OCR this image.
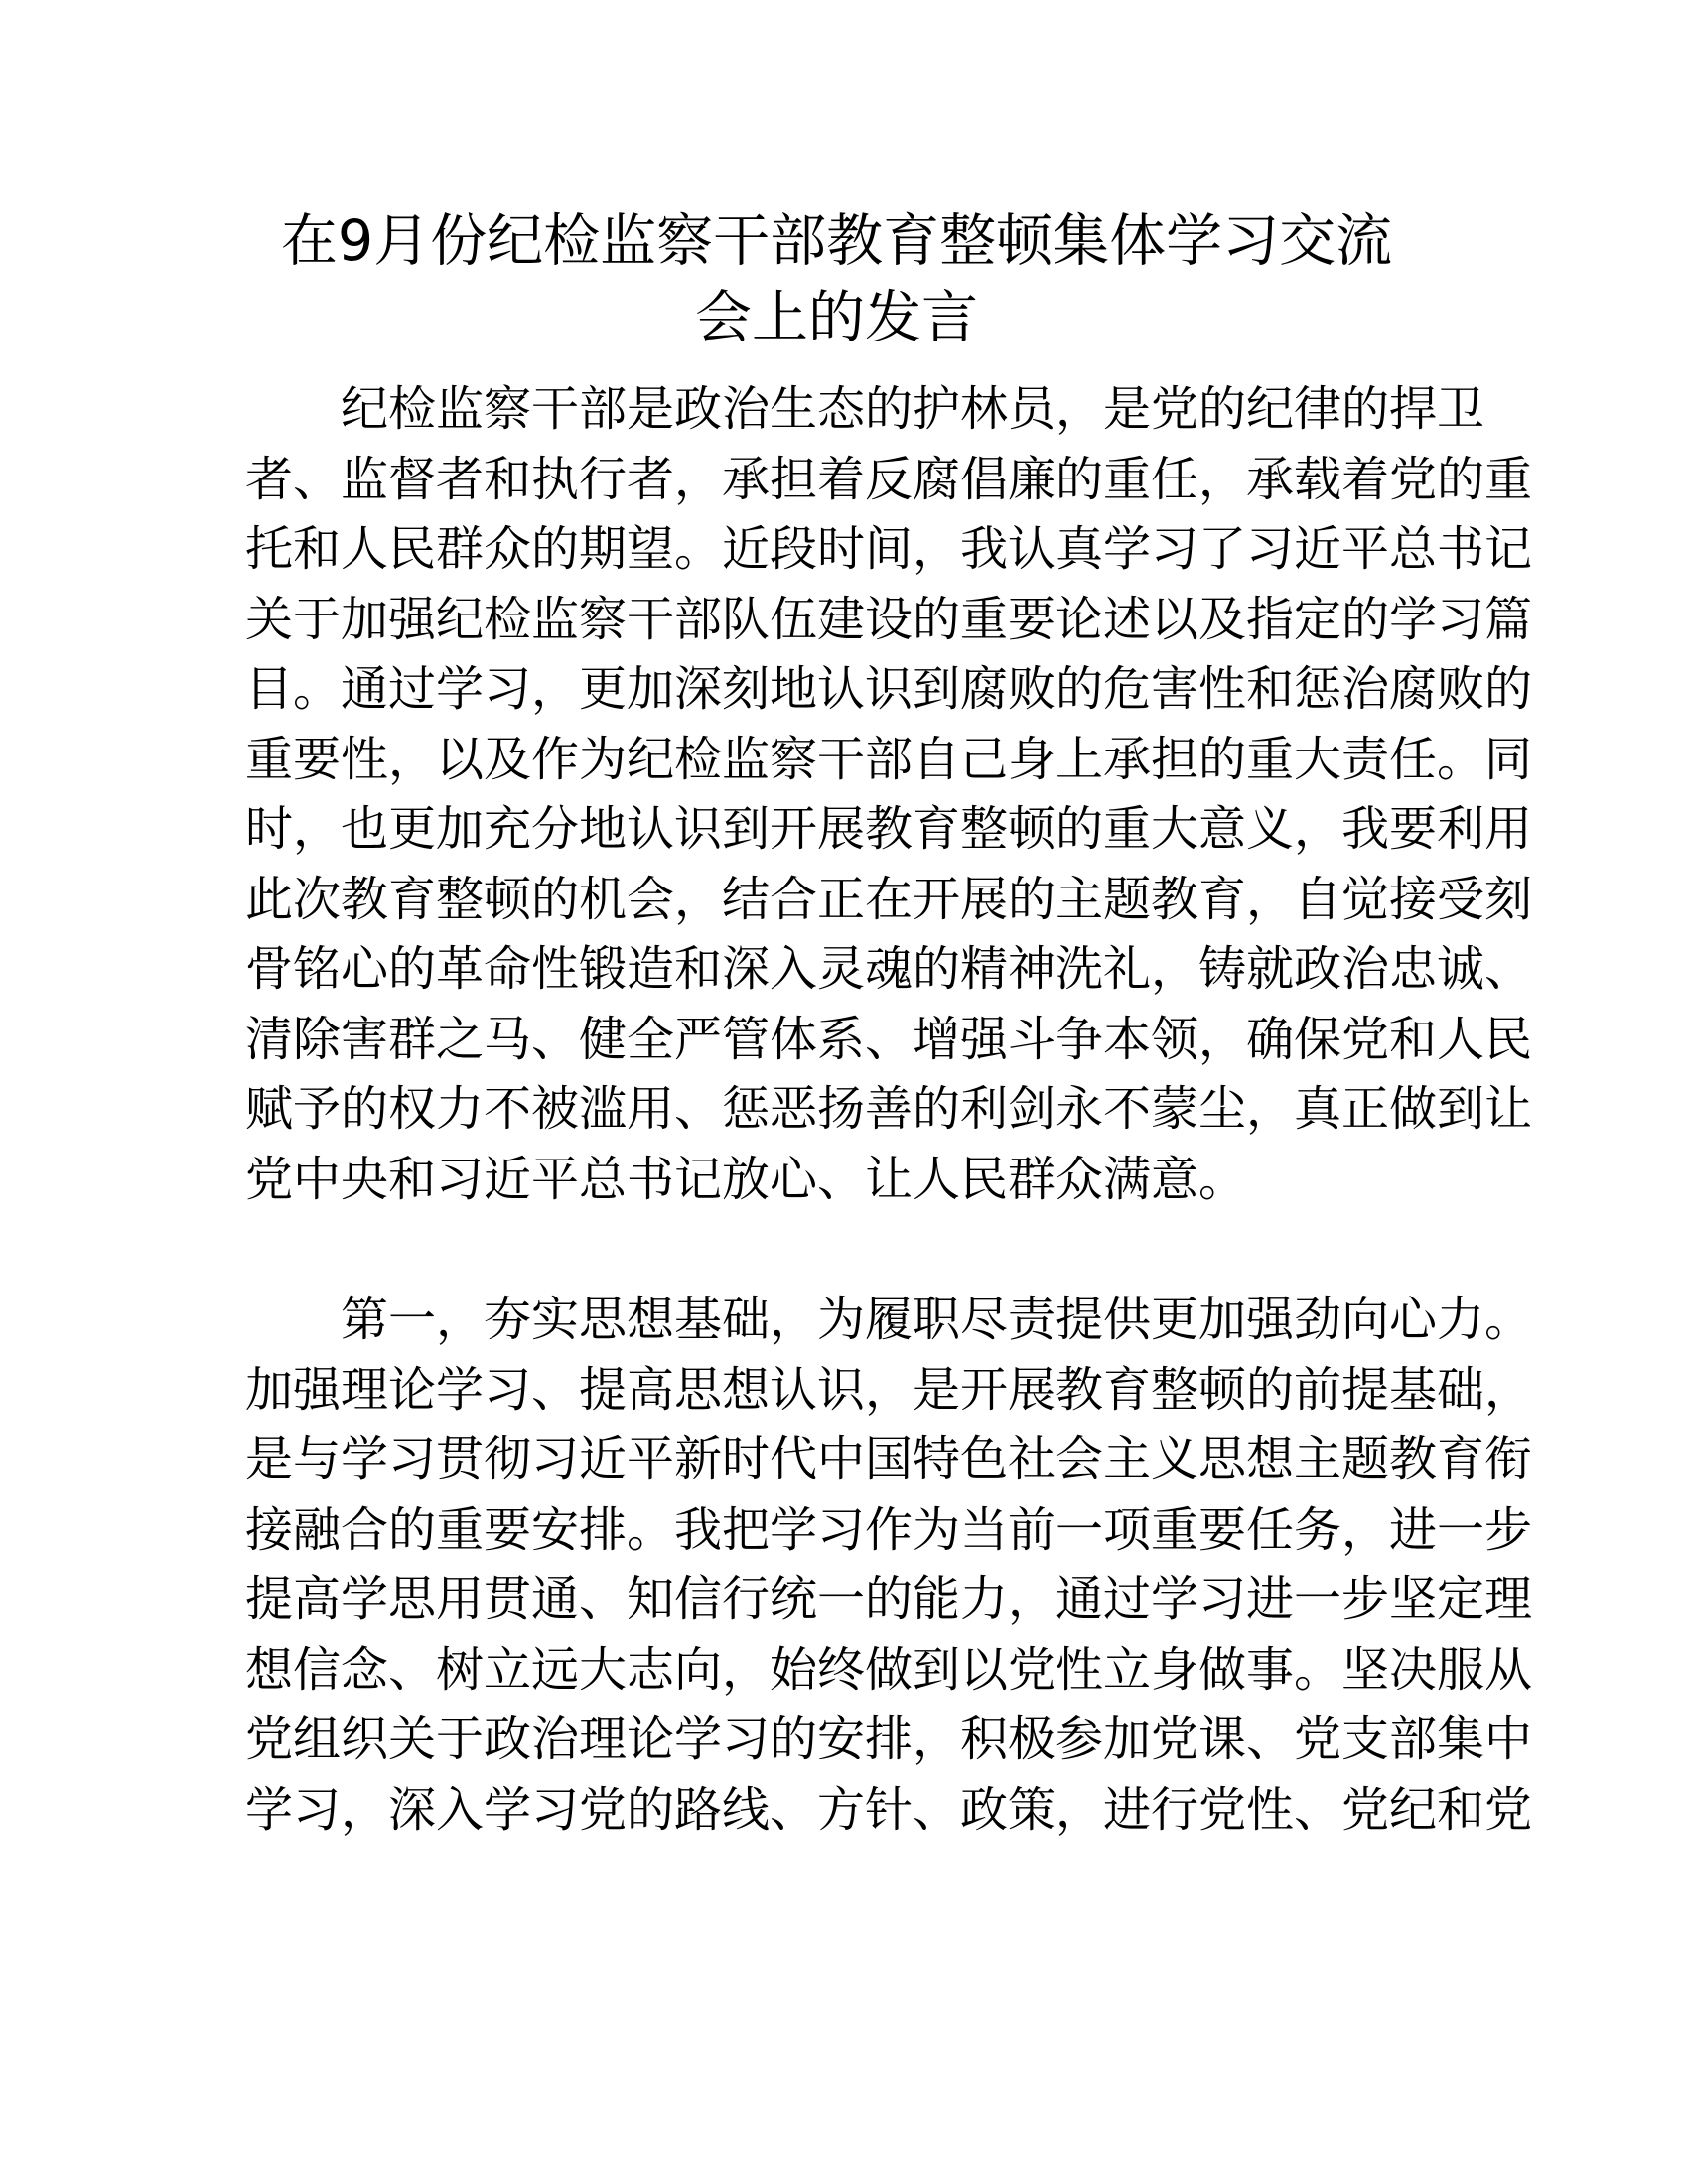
在9月份纪检监察干部教育整顿集体学习交流
会上的发言
　　纪检监察干部是政治生态的护林员，是党的纪律的捍卫
者、监督者和执行者，承担着反腐倡廉的重任，承载着党的重
托和人民群众的期望。近段时间，我认真学习了习近平总书记
关于加强纪检监察干部队伍建设的重要论述以及指定的学习篇
目。通过学习，更加深刻地认识到腐败的危害性和惩治腐败的
重要性，以及作为纪检监察干部自己身上承担的重大责任。同
时，也更加充分地认识到开展教育整顿的重大意义，我要利用
此次教育整顿的机会，结合正在开展的主题教育，自觉接受刻
骨铭心的革命性锻造和深入灵魂的精神洗礼，铸就政治忠诚、
清除害群之马、健全严管体系、增强斗争本领，确保党和人民
赋予的权力不被滥用、惩恶扬善的利剑永不蒙尘，真正做到让
党中央和习近平总书记放心、让人民群众满意。
　　第一，夯实思想基础，为履职尽责提供更加强劲向心力。
加强理论学习、提高思想认识，是开展教育整顿的前提基础，
是与学习贯彻习近平新时代中国特色社会主义思想主题教育衔
接融合的重要安排。我把学习作为当前一项重要任务，进一步
提高学思用贯通、知信行统一的能力，通过学习进一步坚定理
想信念、树立远大志向，始终做到以党性立身做事。坚决服从
党组织关于政治理论学习的安排，积极参加党课、党支部集中
学习，深入学习党的路线、方针、政策，进行党性、党纪和党
